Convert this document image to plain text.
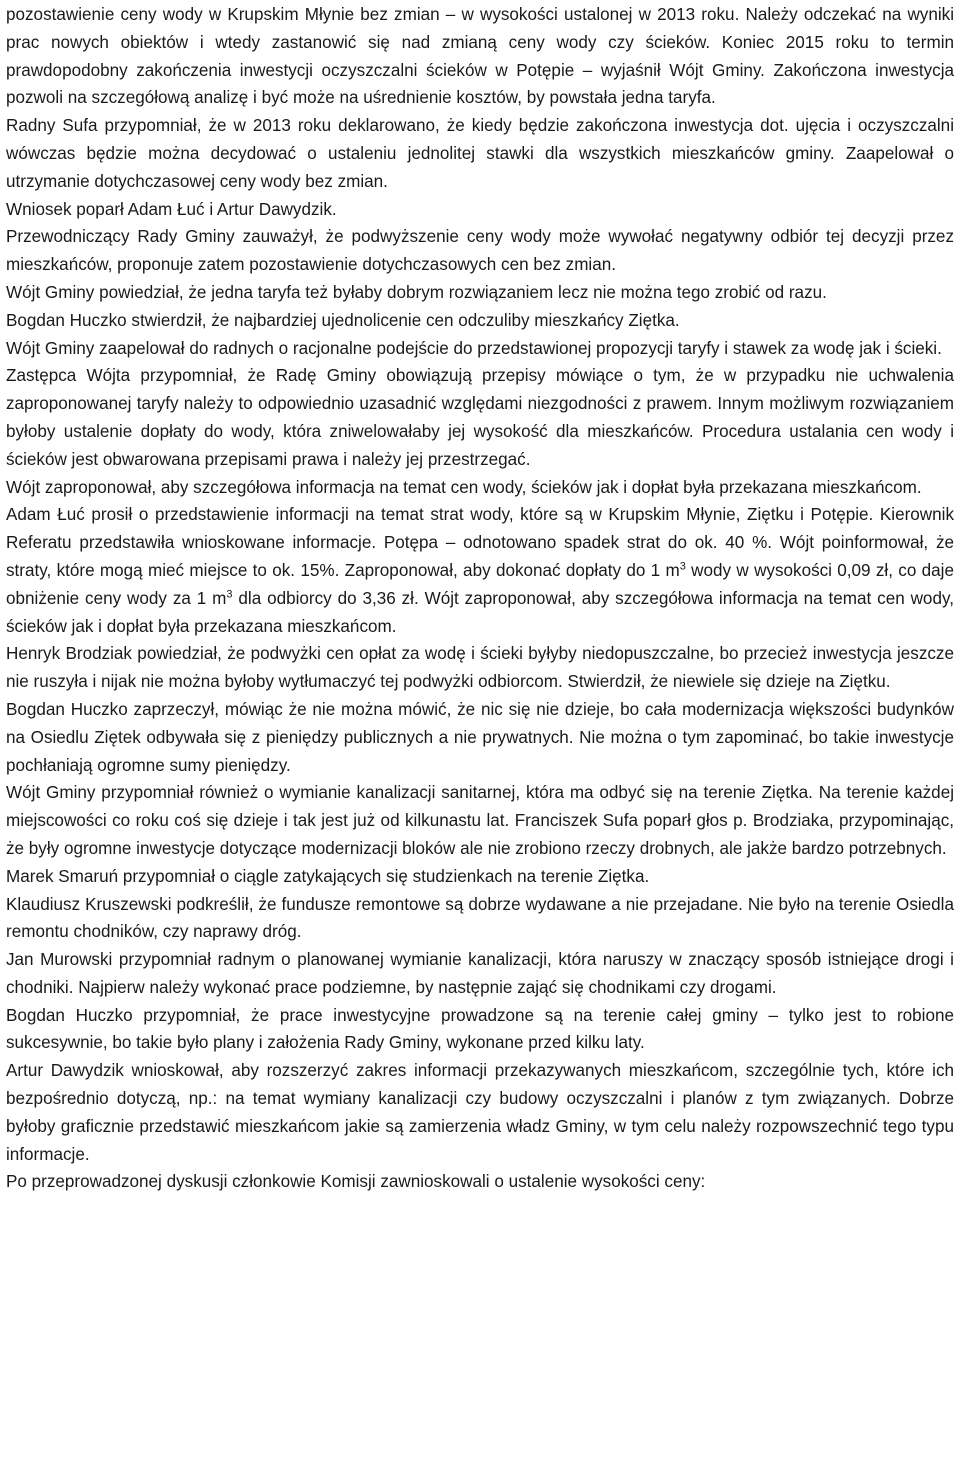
pozostawienie ceny wody w Krupskim Młynie bez zmian – w wysokości ustalonej w 2013 roku. Należy odczekać na wyniki prac nowych obiektów i wtedy zastanowić się nad zmianą ceny wody czy ścieków. Koniec 2015 roku to termin prawdopodobny zakończenia inwestycji oczyszczalni ścieków w Potępie – wyjaśnił Wójt Gminy. Zakończona inwestycja pozwoli na szczegółową analizę i być może na uśrednienie kosztów, by powstała jedna taryfa.

Radny Sufa przypomniał, że w 2013 roku deklarowano, że kiedy będzie zakończona inwestycja dot. ujęcia i oczyszczalni wówczas będzie można decydować o ustaleniu jednolitej stawki dla wszystkich mieszkańców gminy. Zaapelował o utrzymanie dotychczasowej ceny wody bez zmian.

Wniosek poparł Adam Łuć i Artur Dawydzik.

Przewodniczący Rady Gminy zauważył, że podwyższenie ceny wody może wywołać negatywny odbiór tej decyzji przez mieszkańców, proponuje zatem pozostawienie dotychczasowych cen bez zmian.

Wójt Gminy powiedział, że jedna taryfa też byłaby dobrym rozwiązaniem lecz nie można tego zrobić od razu.

Bogdan Huczko stwierdził, że najbardziej ujednolicenie cen odczuliby mieszkańcy Ziętka.

Wójt Gminy zaapelował do radnych o racjonalne podejście do przedstawionej propozycji taryfy i stawek za wodę jak i ścieki.

Zastępca Wójta przypomniał, że Radę Gminy obowiązują przepisy mówiące o tym, że w przypadku nie uchwalenia zaproponowanej taryfy należy to odpowiednio uzasadnić względami niezgodności z prawem. Innym możliwym rozwiązaniem byłoby ustalenie dopłaty do wody, która zniwelowałaby jej wysokość dla mieszkańców. Procedura ustalania cen wody i ścieków jest obwarowana przepisami prawa i należy jej przestrzegać.

Wójt zaproponował, aby szczegółowa informacja na temat cen wody, ścieków jak i dopłat była przekazana mieszkańcom.

Adam Łuć prosił o przedstawienie informacji na temat strat wody, które są w Krupskim Młynie, Ziętku i Potępie. Kierownik Referatu przedstawiła wnioskowane informacje. Potępa – odnotowano spadek strat do ok. 40 %. Wójt poinformował, że straty, które mogą mieć miejsce to ok. 15%. Zaproponował, aby dokonać dopłaty do 1 $m^3$ wody w wysokości 0,09 zł, co daje obniżenie ceny wody za 1 $m^3$ dla odbiorcy do 3,36 zł. Wójt zaproponował, aby szczegółowa informacja na temat cen wody, ścieków jak i dopłat była przekazana mieszkańcom.

Henryk Brodziak powiedział, że podwyżki cen opłat za wodę i ścieki byłyby niedopuszczalne, bo przecież inwestycja jeszcze nie ruszyła i nijak nie można byłoby wytłumaczyć tej podwyżki odbiorcom. Stwierdził, że niewiele się dzieje na Ziętku.

Bogdan Huczko zaprzeczył, mówiąc że nie można mówić, że nic się nie dzieje, bo cała modernizacja większości budynków na Osiedlu Ziętek odbywała się z pieniędzy publicznych a nie prywatnych. Nie można o tym zapominać, bo takie inwestycje pochłaniają ogromne sumy pieniędzy.

Wójt Gminy przypomniał również o wymianie kanalizacji sanitarnej, która ma odbyć się na terenie Ziętka. Na terenie każdej miejscowości co roku coś się dzieje i tak jest już od kilkunastu lat. Franciszek Sufa poparł głos p. Brodziaka, przypominając, że były ogromne inwestycje dotyczące modernizacji bloków ale nie zrobiono rzeczy drobnych, ale jakże bardzo potrzebnych.

Marek Smaruń przypomniał o ciągle zatykających się studzienkach na terenie Ziętka.

Klaudiusz Kruszewski podkreślił, że fundusze remontowe są dobrze wydawane a nie przejadane. Nie było na terenie Osiedla remontu chodników, czy naprawy dróg.

Jan Murowski przypomniał radnym o planowanej wymianie kanalizacji, która naruszy w znaczący sposób istniejące drogi i chodniki. Najpierw należy wykonać prace podziemne, by następnie zająć się chodnikami czy drogami.

Bogdan Huczko przypomniał, że prace inwestycyjne prowadzone są na terenie całej gminy – tylko jest to robione sukcesywnie, bo takie było plany i założenia Rady Gminy, wykonane przed kilku laty.

Artur Dawydzik wnioskował, aby rozszerzyć zakres informacji przekazywanych mieszkańcom, szczególnie tych, które ich bezpośrednio dotyczą, np.: na temat wymiany kanalizacji czy budowy oczyszczalni i planów z tym związanych. Dobrze byłoby graficznie przedstawić mieszkańcom jakie są zamierzenia władz Gminy, w tym celu należy rozpowszechnić tego typu informacje.

Po przeprowadzonej dyskusji członkowie Komisji zawnioskowali o ustalenie wysokości ceny:
